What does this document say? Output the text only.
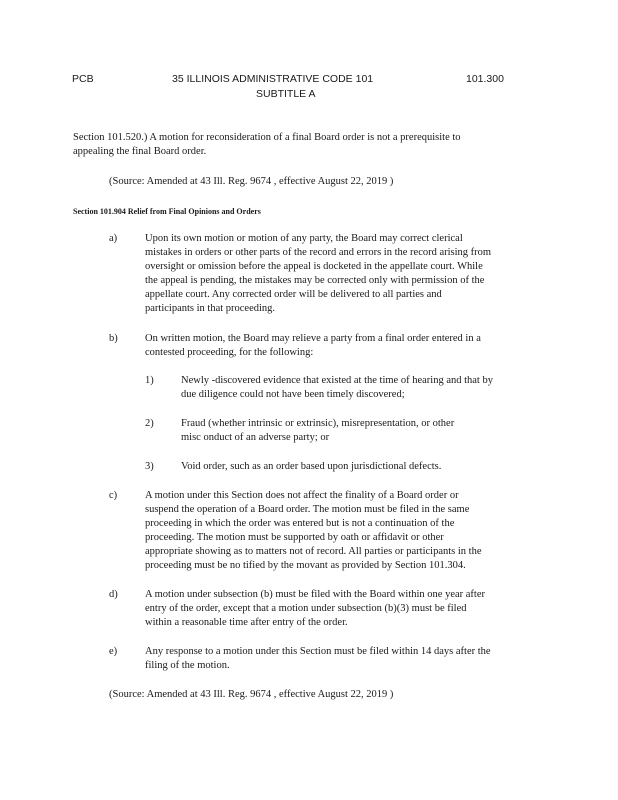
PCB	35 ILLINOIS ADMINISTRATIVE CODE 101
SUBTITLE A
101.300
Section 101.520.) A motion for reconsideration of a final Board order is not a prerequisite to
appealing the final Board order.
(Source: Amended at 43 Ill. Reg. 9674 , effective August 22, 2019 )
Section 101.904 Relief from Final Opinions and Orders
a)	Upon its own motion or motion of any party, the Board may correct clerical
mistakes in orders or other parts of the record and errors in the record arising from
oversight or omission before the appeal is docketed in the appellate court. While
the appeal is pending, the mistakes may be corrected only with permission of the
appellate court. Any corrected order will be delivered to all parties and
participants in that proceeding.
b)	On written motion, the Board may relieve a party from a final order entered in a
contested proceeding, for the following:
1)	Newly -discovered evidence that existed at the time of hearing and that by
due diligence could not have been timely discovered;
2)	Fraud (whether intrinsic or extrinsic), misrepresentation, or other
misc onduct of an adverse party; or
3)	Void order, such as an order based upon jurisdictional defects.
c)	A motion under this Section does not affect the finality of a Board order or
suspend the operation of a Board order. The motion must be filed in the same
proceeding in which the order was entered but is not a continuation of the
proceeding. The motion must be supported by oath or affidavit or other
appropriate showing as to matters not of record. All parties or participants in the
proceeding must be no tified by the movant as provided by Section 101.304.
d)	A motion under subsection (b) must be filed with the Board within one year after
entry of the order, except that a motion under subsection (b)(3) must be filed
within a reasonable time after entry of the order.
e)	Any response to a motion under this Section must be filed within 14 days after the
filing of the motion.
(Source: Amended at 43 Ill. Reg. 9674 , effective August 22, 2019 )
